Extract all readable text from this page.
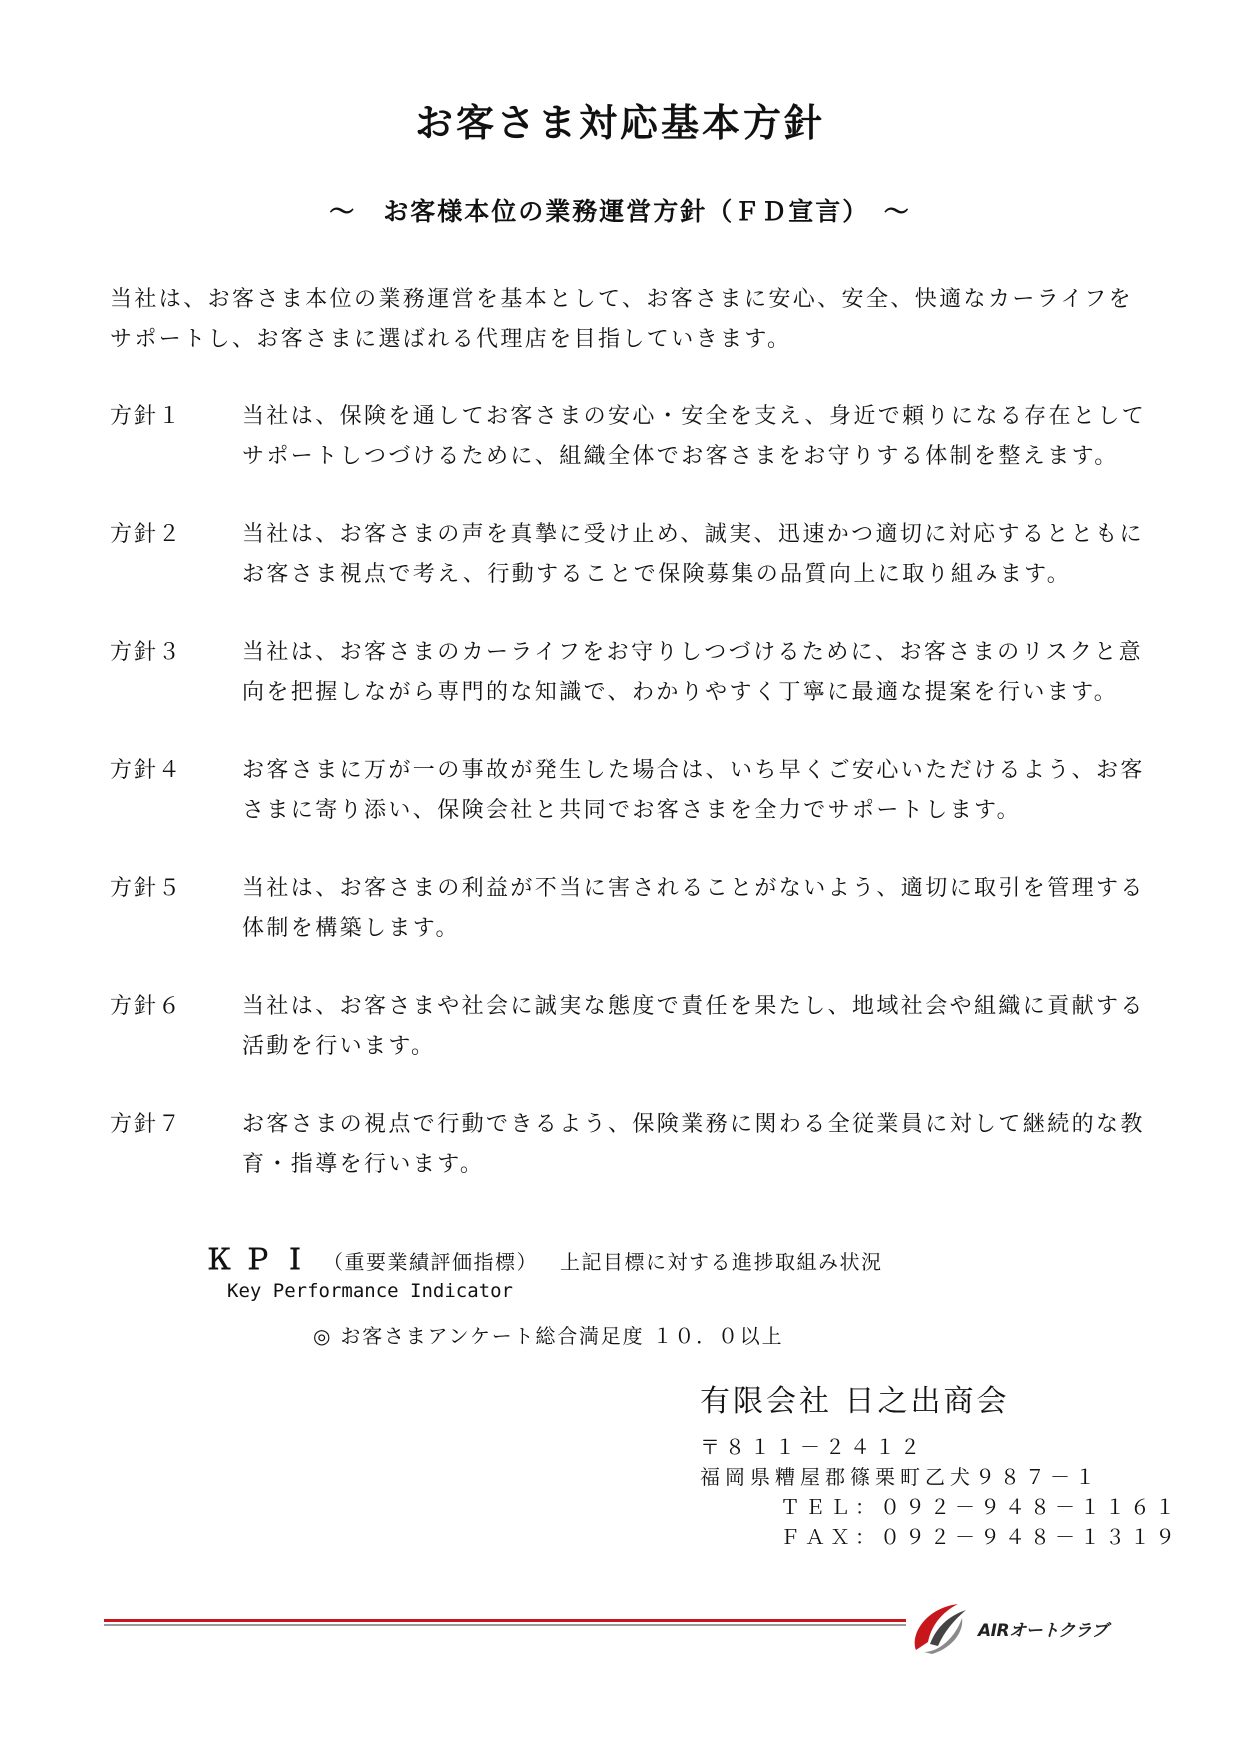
お客さま対応基本方針
～　お客様本位の業務運営方針（ＦＤ宣言）　～

当社は、お客さま本位の業務運営を基本として、お客さまに安心、安全、快適なカーライフを

サポートし、お客さまに選ばれる代理店を目指していきます。

方針１	当社は、保険を通してお客さまの安心・安全を支え、身近で頼りになる存在として

サポートしつづけるために、組織全体でお客さまをお守りする体制を整えます。

方針２	当社は、お客さまの声を真摯に受け止め、誠実、迅速かつ適切に対応するとともに

お客さま視点で考え、行動することで保険募集の品質向上に取り組みます。

方針３	当社は、お客さまのカーライフをお守りしつづけるために、お客さまのリスクと意

向を把握しながら専門的な知識で、わかりやすく丁寧に最適な提案を行います。

方針４	お客さまに万が一の事故が発生した場合は、いち早くご安心いただけるよう、お客

さまに寄り添い、保険会社と共同でお客さまを全力でサポートします。

方針５	当社は、お客さまの利益が不当に害されることがないよう、適切に取引を管理する

体制を構築します。

方針６	当社は、お客さまや社会に誠実な態度で責任を果たし、地域社会や組織に貢献する

活動を行います。

方針７	お客さまの視点で行動できるよう、保険業務に関わる全従業員に対して継続的な教

育・指導を行います。

ＫＰＩ （重要業績評価指標） 上記目標に対する進捗取組み状況
Key Performance Indicator
◎ お客さまアンケート総合満足度 １０．０以上
有限会社 日之出商会
〒８１１－２４１２
福岡県糟屋郡篠栗町乙犬９８７－１
ＴＥＬ：０９２－９４８－１１６１
ＦＡＸ：０９２－９４８－１３１９
AIRオートクラブ
